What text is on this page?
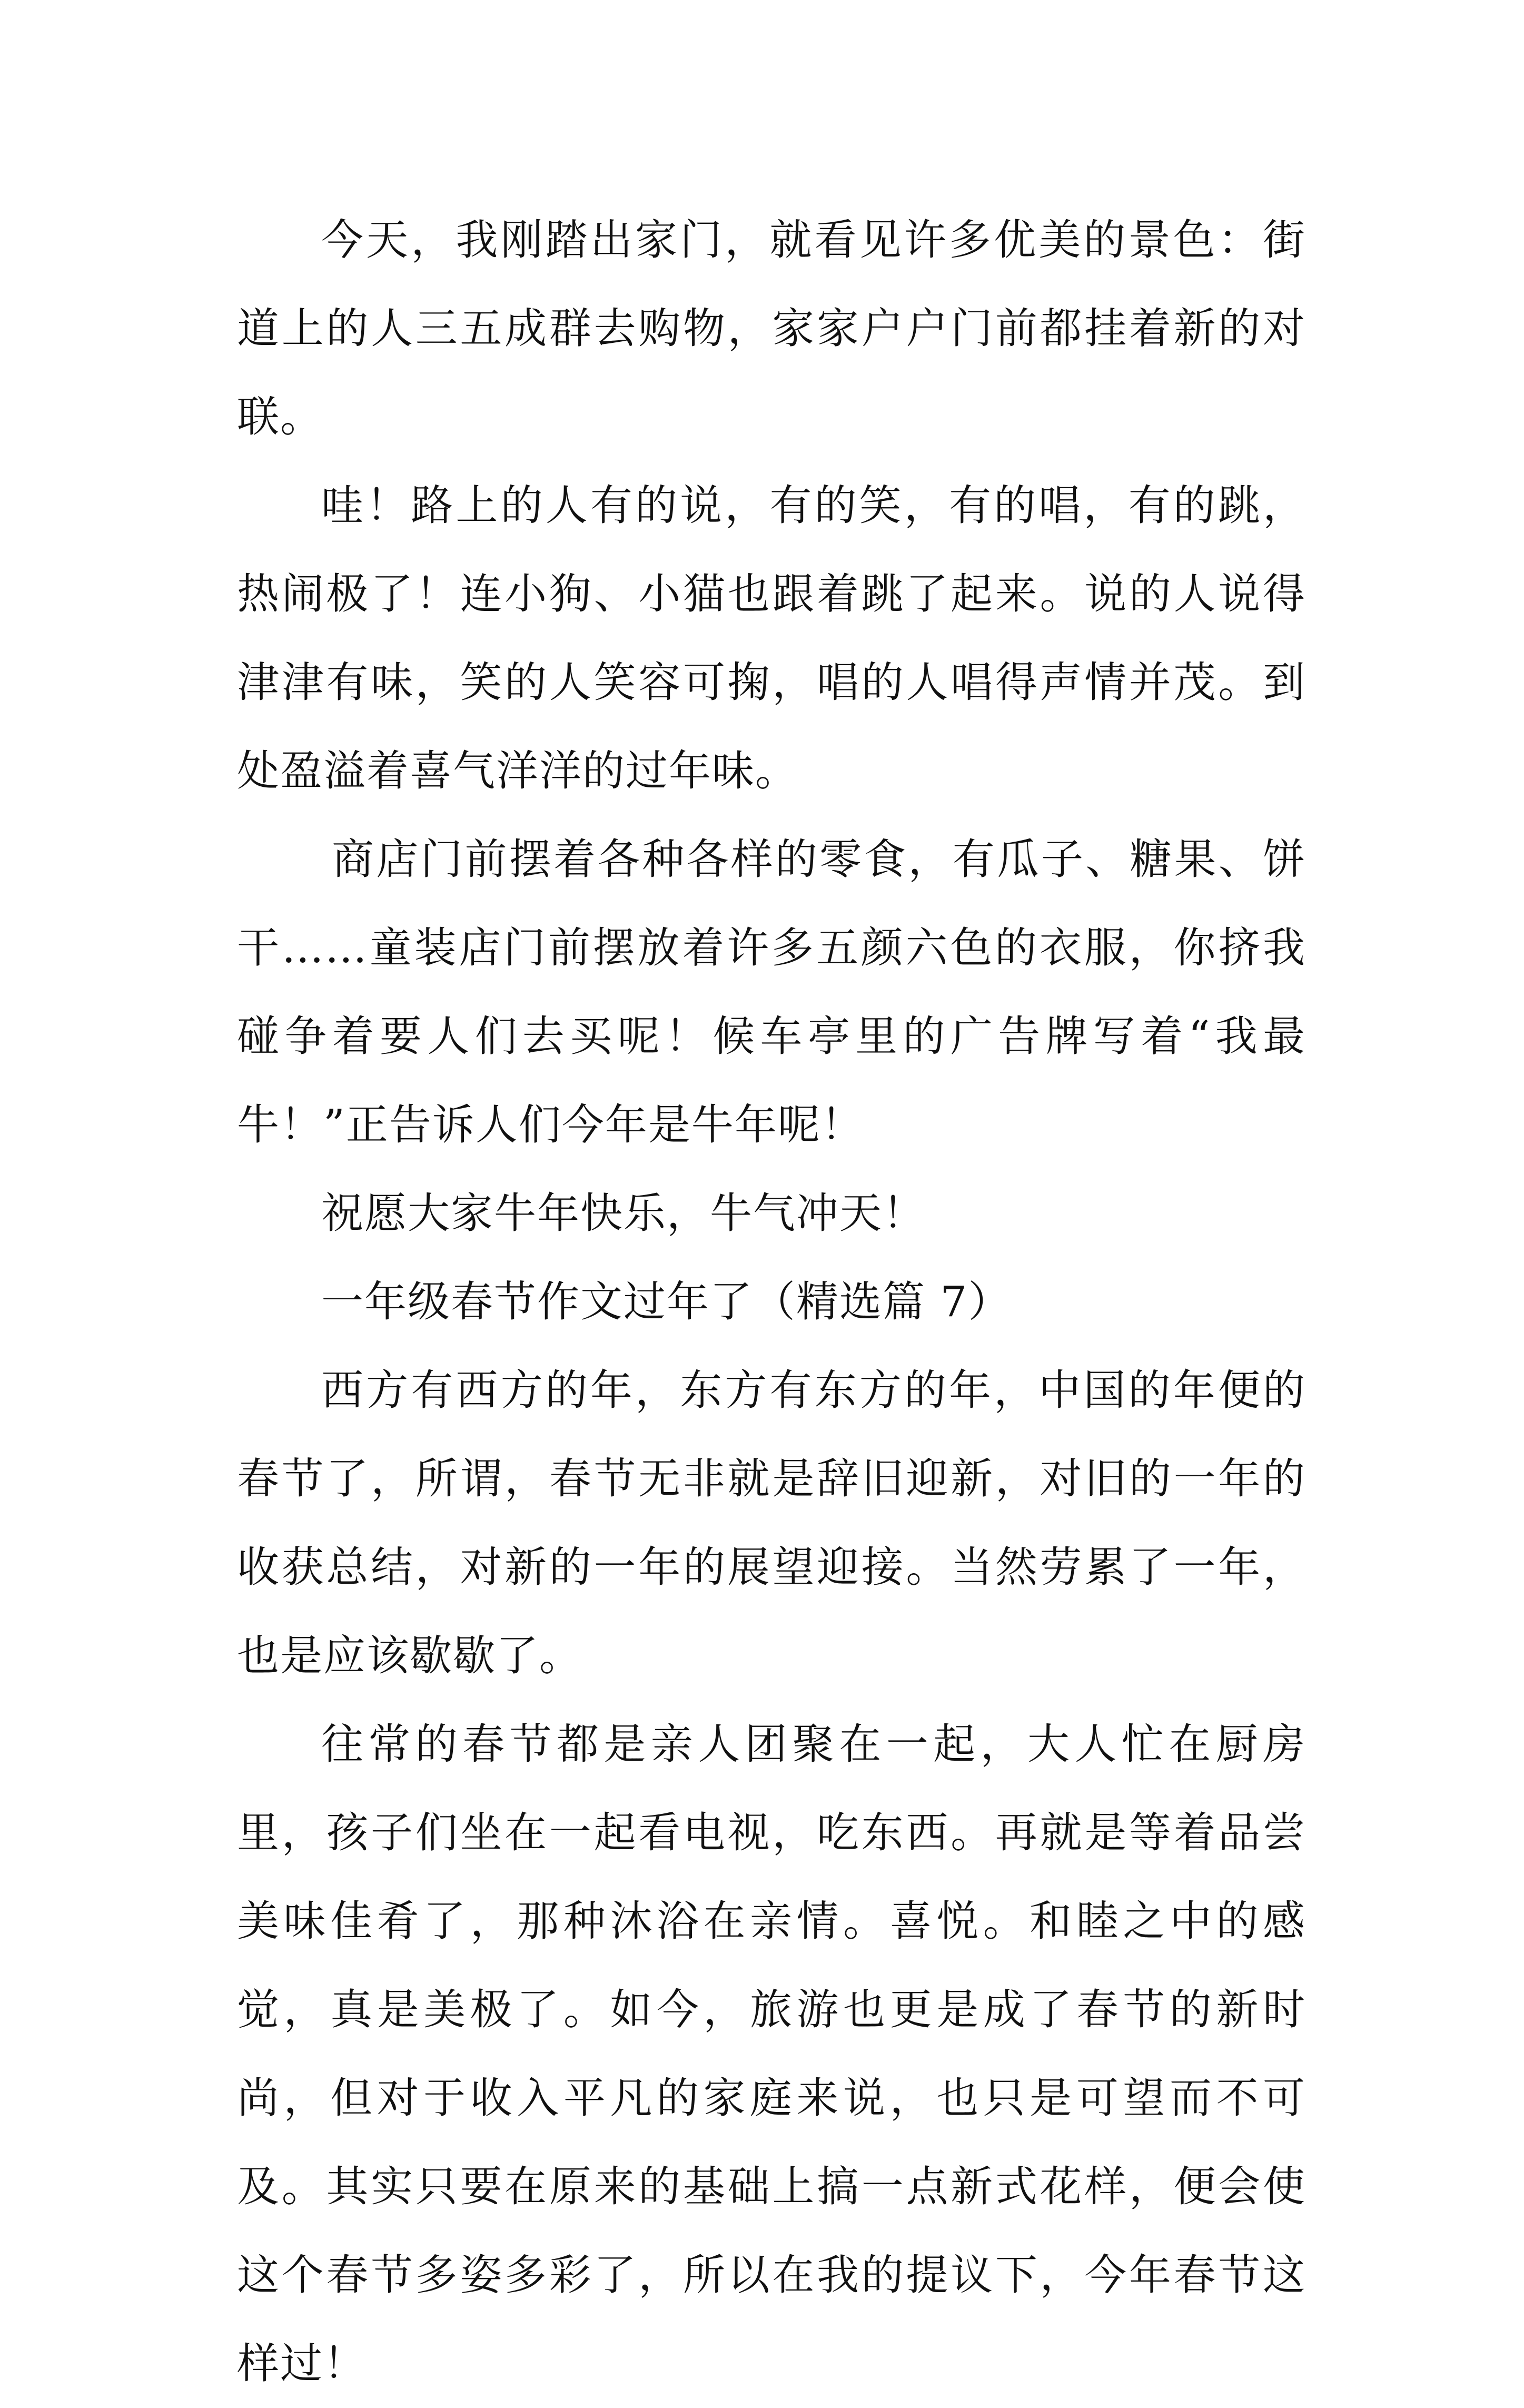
今天，我刚踏出家门，就看见许多优美的景色：街道上的人三五成群去购物，家家户户门前都挂着新的对联。

哇！路上的人有的说，有的笑，有的唱，有的跳，热闹极了！连小狗、小猫也跟着跳了起来。说的人说得津津有味，笑的人笑容可掬，唱的人唱得声情并茂。到处盈溢着喜气洋洋的过年味。

商店门前摆着各种各样的零食，有瓜子、糖果、饼干……童装店门前摆放着许多五颜六色的衣服，你挤我碰争着要人们去买呢！候车亭里的广告牌写着“我最牛！”正告诉人们今年是牛年呢！

祝愿大家牛年快乐，牛气冲天！

一年级春节作文过年了（精选篇 7）

西方有西方的年，东方有东方的年，中国的年便的春节了，所谓，春节无非就是辞旧迎新，对旧的一年的收获总结，对新的一年的展望迎接。当然劳累了一年，也是应该歇歇了。

往常的春节都是亲人团聚在一起，大人忙在厨房里，孩子们坐在一起看电视，吃东西。再就是等着品尝美味佳肴了，那种沐浴在亲情。喜悦。和睦之中的感觉，真是美极了。如今，旅游也更是成了春节的新时尚，但对于收入平凡的家庭来说，也只是可望而不可及。其实只要在原来的基础上搞一点新式花样，便会使这个春节多姿多彩了，所以在我的提议下，今年春节这样过！
